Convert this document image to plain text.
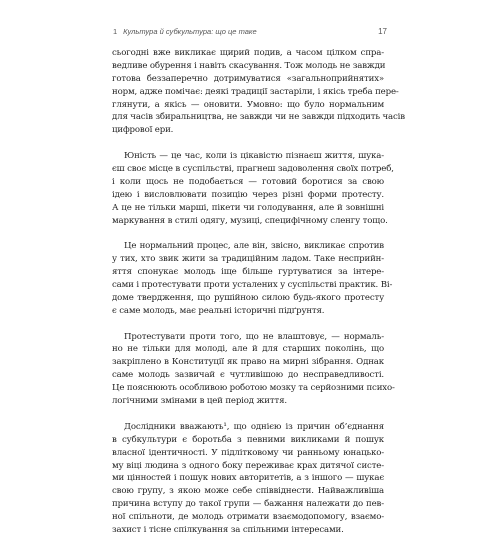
1 Культура й субкультура: що це таке	17
сьогодні вже викликає щирий подив, а часом цілком спра-
ведливе обурення і навіть скасування. Тож молодь не завжди
готова беззаперечно дотримуватися «загальноприйнятих»
норм, адже помічає: деякі традиції застаріли, і якісь треба пере-
глянути, а якісь — оновити. Умовно: що було нормальним
для часів збиральництва, не завжди чи не завжди підходить часів
цифрової ери.
Юність — це час, коли із цікавістю пізнаєш життя, шука-
єш своє місце в суспільстві, прагнеш задоволення своїх потреб,
і коли щось не подобається — готовий боротися за свою
ідею і висловлювати позицію через різні форми протесту.
А це не тільки марші, пікети чи голодування, але й зовнішні
маркування в стилі одягу, музиці, специфічному сленгу тощо.
Це нормальний процес, але він, звісно, викликає спротив
у тих, хто звик жити за традиційним ладом. Таке несприйн-
яття спонукає молодь іще більше гуртуватися за інтере-
сами і протестувати проти усталених у суспільстві практик. Ві-
доме твердження, що рушійною силою будь-якого протесту
є саме молодь, має реальні історичні підґрунтя.
Протестувати проти того, що не влаштовує, — нормаль-
но не тільки для молоді, але й для старших поколінь, що
закріплено в Конституції як право на мирні зібрання. Однак
саме молодь зазвичай є чутливішою до несправедливості.
Це пояснюють особливою роботою мозку та серйозними психо-
логічними змінами в цей період життя.
Дослідники вважають¹, що однією із причин об’єднання
в субкультури є боротьба з певними викликами й пошук
власної ідентичності. У підлітковому чи ранньому юнацько-
му віці людина з одного боку переживає крах дитячої систе-
ми цінностей і пошук нових авторитетів, а з іншого — шукає
свою групу, з якою може себе співвіднести. Найважливіша
причина вступу до такої групи — бажання належати до пев-
ної спільноти, де молодь отримати взаємодопомогу, взаємо-
захист і тісне спілкування за спільними інтересами.
